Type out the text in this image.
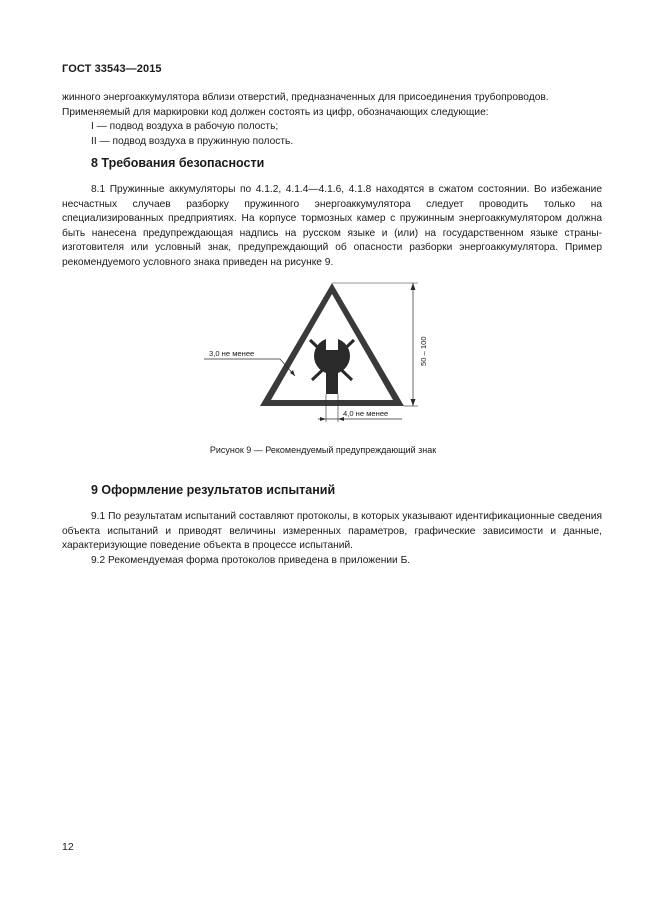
ГОСТ 33543—2015

жинного энергоаккумулятора вблизи отверстий, предназначенных для присоединения трубопроводов.

Применяемый для маркировки код должен состоять из цифр, обозначающих следующие:

I — подвод воздуха в рабочую полость;
II — подвод воздуха в пружинную полость.
8 Требования безопасности

8.1 Пружинные аккумуляторы по 4.1.2, 4.1.4—4.1.6, 4.1.8 находятся в сжатом состоянии. Во избежание несчастных случаев разборку пружинного энергоаккумулятора следует проводить только на специализированных предприятиях. На корпусе тормозных камер с пружинным энергоаккумулятором должна быть нанесена предупреждающая надпись на русском языке и (или) на государственном языке страны-изготовителя или условный знак, предупреждающий об опасности разборки энергоаккумулятора. Пример рекомендуемого условного знака приведен на рисунке 9.

3,0 не менее	50 – 100
4,0 не менее
Рисунок 9 — Рекомендуемый предупреждающий знак
9 Оформление результатов испытаний

9.1 По результатам испытаний составляют протоколы, в которых указывают идентификационные сведения объекта испытаний и приводят величины измеренных параметров, графические зависимости и данные, характеризующие поведение объекта в процессе испытаний.

9.2 Рекомендуемая форма протоколов приведена в приложении Б.

12
